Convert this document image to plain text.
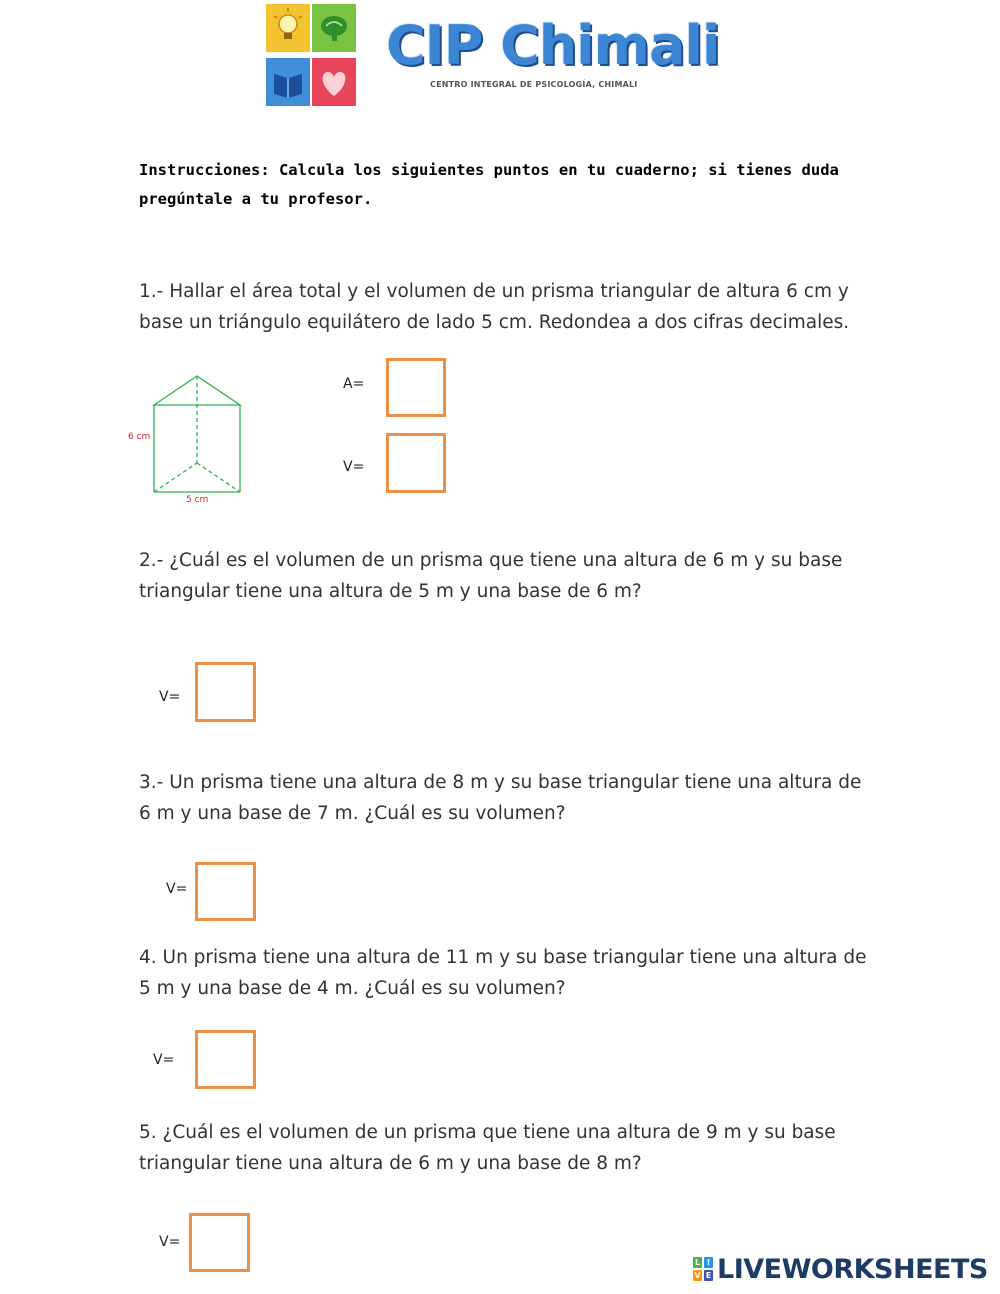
CIP Chimali
CENTRO INTEGRAL DE PSICOLOGÍA, CHIMALI
Instrucciones: Calcula los siguientes puntos en tu cuaderno; si tienes duda pregúntale a tu profesor.
1.- Hallar el área total y el volumen de un prisma triangular de altura 6 cm y base un triángulo equilátero de lado 5 cm. Redondea a dos cifras decimales.
6 cm
5 cm
A=
V=
2.- ¿Cuál es el volumen de un prisma que tiene una altura de 6 m y su base triangular tiene una altura de 5 m y una base de 6 m?
V=
3.- Un prisma tiene una altura de 8 m y su base triangular tiene una altura de 6 m y una base de 7 m. ¿Cuál es su volumen?
V=
4. Un prisma tiene una altura de 11 m y su base triangular tiene una altura de 5 m y una base de 4 m. ¿Cuál es su volumen?
V=
5. ¿Cuál es el volumen de un prisma que tiene una altura de 9 m y su base triangular tiene una altura de 6 m y una base de 8 m?
V=
L I
V E LIVEWORKSHEETS
